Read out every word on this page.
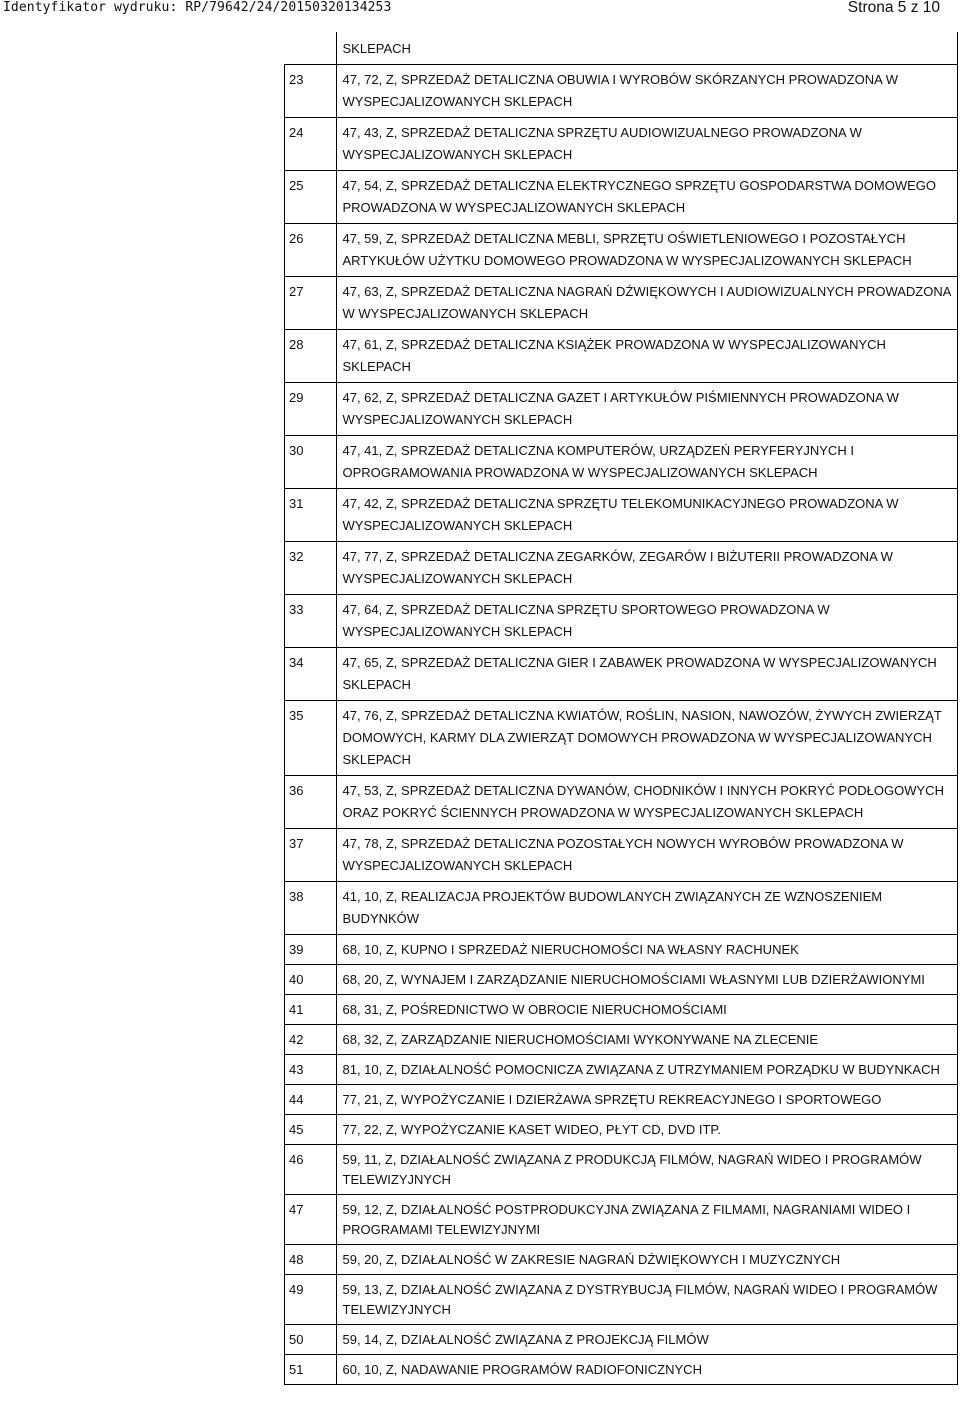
Identyfikator wydruku: RP/79642/24/20150320134253	Strona 5 z 10
	SKLEPACH
23	47, 72, Z, SPRZEDAŻ DETALICZNA OBUWIA I WYROBÓW SKÓRZANYCH PROWADZONA W WYSPECJALIZOWANYCH SKLEPACH
24	47, 43, Z, SPRZEDAŻ DETALICZNA SPRZĘTU AUDIOWIZUALNEGO PROWADZONA W WYSPECJALIZOWANYCH SKLEPACH
25	47, 54, Z, SPRZEDAŻ DETALICZNA ELEKTRYCZNEGO SPRZĘTU GOSPODARSTWA DOMOWEGO PROWADZONA W WYSPECJALIZOWANYCH SKLEPACH
26	47, 59, Z, SPRZEDAŻ DETALICZNA MEBLI, SPRZĘTU OŚWIETLENIOWEGO I POZOSTAŁYCH ARTYKUŁÓW UŻYTKU DOMOWEGO PROWADZONA W WYSPECJALIZOWANYCH SKLEPACH
27	47, 63, Z, SPRZEDAŻ DETALICZNA NAGRAŃ DŹWIĘKOWYCH I AUDIOWIZUALNYCH PROWADZONA W WYSPECJALIZOWANYCH SKLEPACH
28	47, 61, Z, SPRZEDAŻ DETALICZNA KSIĄŻEK PROWADZONA W WYSPECJALIZOWANYCH SKLEPACH
29	47, 62, Z, SPRZEDAŻ DETALICZNA GAZET I ARTYKUŁÓW PIŚMIENNYCH PROWADZONA W WYSPECJALIZOWANYCH SKLEPACH
30	47, 41, Z, SPRZEDAŻ DETALICZNA KOMPUTERÓW, URZĄDZEŃ PERYFERYJNYCH I OPROGRAMOWANIA PROWADZONA W WYSPECJALIZOWANYCH SKLEPACH
31	47, 42, Z, SPRZEDAŻ DETALICZNA SPRZĘTU TELEKOMUNIKACYJNEGO PROWADZONA W WYSPECJALIZOWANYCH SKLEPACH
32	47, 77, Z, SPRZEDAŻ DETALICZNA ZEGARKÓW, ZEGARÓW I BIŻUTERII PROWADZONA W WYSPECJALIZOWANYCH SKLEPACH
33	47, 64, Z, SPRZEDAŻ DETALICZNA SPRZĘTU SPORTOWEGO PROWADZONA W WYSPECJALIZOWANYCH SKLEPACH
34	47, 65, Z, SPRZEDAŻ DETALICZNA GIER I ZABAWEK PROWADZONA W WYSPECJALIZOWANYCH SKLEPACH
35	47, 76, Z, SPRZEDAŻ DETALICZNA KWIATÓW, ROŚLIN, NASION, NAWOZÓW, ŻYWYCH ZWIERZĄT DOMOWYCH, KARMY DLA ZWIERZĄT DOMOWYCH PROWADZONA W WYSPECJALIZOWANYCH SKLEPACH
36	47, 53, Z, SPRZEDAŻ DETALICZNA DYWANÓW, CHODNIKÓW I INNYCH POKRYĆ PODŁOGOWYCH ORAZ POKRYĆ ŚCIENNYCH PROWADZONA W WYSPECJALIZOWANYCH SKLEPACH
37	47, 78, Z, SPRZEDAŻ DETALICZNA POZOSTAŁYCH NOWYCH WYROBÓW PROWADZONA W WYSPECJALIZOWANYCH SKLEPACH
38	41, 10, Z, REALIZACJA PROJEKTÓW BUDOWLANYCH ZWIĄZANYCH ZE WZNOSZENIEM BUDYNKÓW
39	68, 10, Z, KUPNO I SPRZEDAŻ NIERUCHOMOŚCI NA WŁASNY RACHUNEK
40	68, 20, Z, WYNAJEM I ZARZĄDZANIE NIERUCHOMOŚCIAMI WŁASNYMI LUB DZIERŻAWIONYMI
41	68, 31, Z, POŚREDNICTWO W OBROCIE NIERUCHOMOŚCIAMI
42	68, 32, Z, ZARZĄDZANIE NIERUCHOMOŚCIAMI WYKONYWANE NA ZLECENIE
43	81, 10, Z, DZIAŁALNOŚĆ POMOCNICZA ZWIĄZANA Z UTRZYMANIEM PORZĄDKU W BUDYNKACH
44	77, 21, Z, WYPOŻYCZANIE I DZIERŻAWA SPRZĘTU REKREACYJNEGO I SPORTOWEGO
45	77, 22, Z, WYPOŻYCZANIE KASET WIDEO, PŁYT CD, DVD ITP.
46	59, 11, Z, DZIAŁALNOŚĆ ZWIĄZANA Z PRODUKCJĄ FILMÓW, NAGRAŃ WIDEO I PROGRAMÓW TELEWIZYJNYCH
47	59, 12, Z, DZIAŁALNOŚĆ POSTPRODUKCYJNA ZWIĄZANA Z FILMAMI, NAGRANIAMI WIDEO I PROGRAMAMI TELEWIZYJNYMI
48	59, 20, Z, DZIAŁALNOŚĆ W ZAKRESIE NAGRAŃ DŹWIĘKOWYCH I MUZYCZNYCH
49	59, 13, Z, DZIAŁALNOŚĆ ZWIĄZANA Z DYSTRYBUCJĄ FILMÓW, NAGRAŃ WIDEO I PROGRAMÓW TELEWIZYJNYCH
50	59, 14, Z, DZIAŁALNOŚĆ ZWIĄZANA Z PROJEKCJĄ FILMÓW
51	60, 10, Z, NADAWANIE PROGRAMÓW RADIOFONICZNYCH
